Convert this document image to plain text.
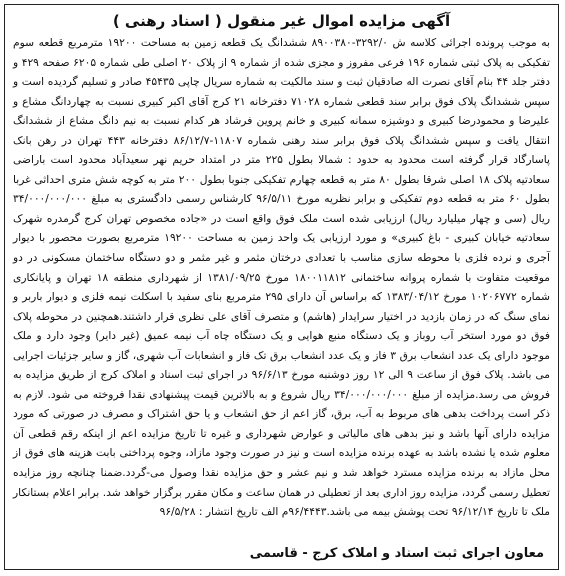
آگهی مزایده اموال غیر منقول ( اسناد رهنی )

به موجب پرونده اجرائی کلاسه ش ۳۲۹۲/۰-۸۹۰۰۳۸۰ ششدانگ یک قطعه زمین به مساحت ۱۹۲۰۰ مترمربع قطعه سوم تفکیکی به پلاک ثبتی شماره ۱۹۶ فرعی مفروز و مجزی شده از شماره ۹ از پلاک ۲۰ اصلی طی شماره ۶۲۰۵ صفحه ۴۲۹ و دفتر جلد ۴۴ بنام آقای نصرت اله صادقیان ثبت و سند مالکیت به شماره سریال چاپی ۴۵۴۳۵ صادر و تسلیم گردیده است و سپس ششدانگ پلاک فوق برابر سند قطعی شماره ۷۱۰۲۸ دفترخانه ۲۱ کرج آقای اکبر کبیری نسبت به چهاردانگ مشاع و علیرضا و محمودرضا کبیری و دوشیزه سمانه کبیری و خانم پروین فرشاد هر کدام نسبت به نیم دانگ مشاع از ششدانگ انتقال یافت و سپس ششدانگ پلاک فوق برابر سند رهنی شماره ۱۱۸۰۷-۸۶/۱۲/۷ دفترخانه ۴۴۳ تهران در رهن بانک پاسارگاد قرار گرفته است محدود به حدود : شمالا بطول ۲۲۵ متر در امتداد حریم نهر سعیدآباد محدود است باراضی سعادتیه پلاک ۱۸ اصلی شرقا بطول ۸۰ متر به قطعه چهارم تفکیکی جنوبا بطول ۲۰۰ متر به کوچه شش متری احداثی غربا بطول ۶۰ متر به قطعه دوم تفکیکی و برابر نظریه مورخ ۹۶/۵/۱۱ کارشناس رسمی دادگستری به مبلغ ۳۴/۰۰۰/۰۰۰/۰۰۰ ریال (سی و چهار میلیارد ریال) ارزیابی شده است ملک فوق واقع است در «جاده مخصوص تهران کرج گرمدره شهرک سعادتیه خیابان کبیری - باغ کبیری» و مورد ارزیابی یک واحد زمین به مساحت ۱۹۲۰۰ مترمربع بصورت محصور با دیوار آجری و نرده فلزی با محوطه سازی مناسب با تعدادی درختان مثمر و غیر مثمر و دو دستگاه ساختمان مسکونی در دو موقعیت متفاوت با شماره پروانه ساختمانی ۱۸۰۰۱۱۸۱۲ مورخ ۱۳۸۱/۰۹/۲۵ از شهرداری منطقه ۱۸ تهران و پایانکاری شماره ۱۰۲۰۶۷۷۲ مورخ ۱۳۸۳/۰۴/۱۲ که براساس آن دارای ۲۹۵ مترمربع بنای سفید با اسکلت نیمه فلزی و دیوار باربر و نمای سنگ که در زمان بازدید در اختیار سرایدار (هاشم) و متصرف آقای علی نظری قرار داشتند.همچنین در محوطه پلاک فوق دو مورد استخر آب روباز و یک دستگاه منبع هوایی و یک دستگاه چاه آب نیمه عمیق (غیر دایر) وجود دارد و ملک موجود دارای یک عدد انشعاب برق ۳ فاز و یک عدد انشعاب برق تک فاز و انشعابات آب شهری، گاز و سایر جزئیات اجرایی می باشد. پلاک فوق از ساعت ۹ الی ۱۲ روز دوشنبه مورخ ۹۶/۶/۱۳ در اجرای ثبت اسناد و املاک کرج از طریق مزایده به فروش می رسد.مزایده از مبلغ ۳۴/۰۰۰/۰۰۰/۰۰۰ ریال شروع و به بالاترین قیمت پیشنهادی نقدا فروخته می شود. لازم به ذکر است پرداخت بدهی های مربوط به آب، برق، گاز اعم از حق انشعاب و یا حق اشتراک و مصرف در صورتی که مورد مزایده دارای آنها باشد و نیز بدهی های مالیاتی و عوارض شهرداری و غیره تا تاریخ مزایده اعم از اینکه رقم قطعی آن معلوم شده یا نشده باشد به عهده برنده مزایده است و نیز در صورت وجود مازاد، وجوه پرداختی بابت هزینه های فوق از محل مازاد به برنده مزایده مسترد خواهد شد و نیم عشر و حق مزایده نقدا وصول می-گردد.ضمنا چنانچه روز مزایده تعطیل رسمی گردد، مزایده روز اداری بعد از تعطیلی در همان ساعت و مکان مقرر برگزار خواهد شد. برابر اعلام بستانکار ملک تا تاریخ ۹۶/۱۲/۱۴ تحت پوشش بیمه می باشد.۹۶/۴۴۴۳م الف تاریخ انتشار : ۹۶/۵/۲۸

معاون اجرای ثبت اسناد و املاک کرج - قاسمی
